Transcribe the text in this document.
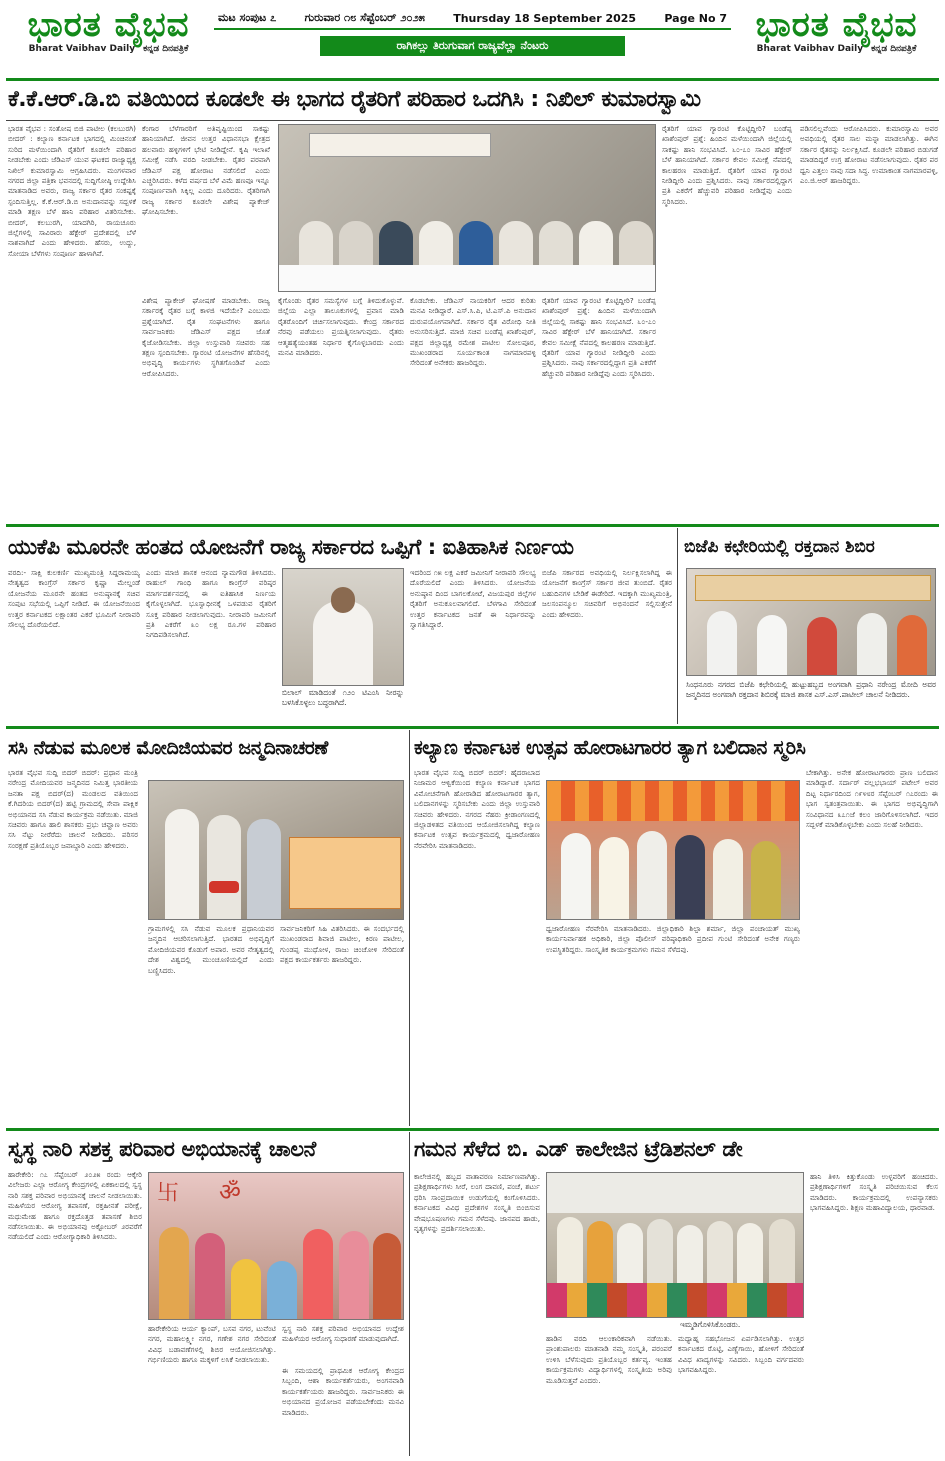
ಭಾರತ ವೈಭವ
Bharat Vaibhav Daily ಕನ್ನಡ ದಿನಪತ್ರಿಕೆ
ಭಾರತ ವೈಭವ
Bharat Vaibhav Daily ಕನ್ನಡ ದಿನಪತ್ರಿಕೆ
ಮಟ ಸಂಪುಟ ೭	ಗುರುವಾರ ೧೮ ಸೆಪ್ಟೆಂಬರ್ ೨೦೨೫	Thursday 18 September 2025	Page No 7
ರಾಗಿಕಲ್ಲು ತಿರುಗುವಾಗ ರಾಜ್ಯವೆಲ್ಲಾ ನೆಂಟರು
ಕೆ.ಕೆ.ಆರ್.ಡಿ.ಬಿ ವತಿಯಿಂದ ಕೂಡಲೇ ಈ ಭಾಗದ ರೈತರಿಗೆ ಪರಿಹಾರ ಒದಗಿಸಿ : ನಿಖಿಲ್ ಕುಮಾರಸ್ವಾಮಿ
ಭಾರತ ವೈಭವ : ಸಂತೋಷ ಬಿಜಿ ಪಾಟೀಲ (ಕಲಬುರಗಿ) ಬೀದರ್ : ಕಲ್ಯಾಣ ಕರ್ನಾಟಕ ಭಾಗದಲ್ಲಿ ಮಿಂಚಿನಂತೆ ಸುರಿದ ಮಳೆಯಿಂದಾಗಿ ರೈತರಿಗೆ ಕೂಡಲೇ ಪರಿಹಾರ ನೀಡಬೇಕು ಎಂದು ಜೆಡಿಎಸ್ ಯುವ ಘಟಕದ ರಾಜ್ಯಾಧ್ಯಕ್ಷ ನಿಖಿಲ್ ಕುಮಾರಸ್ವಾಮಿ ಆಗ್ರಹಿಸಿದರು. ಮಂಗಳವಾರ ನಗರದ ಜಿಲ್ಲಾ ಪತ್ರಿಕಾ ಭವನದಲ್ಲಿ ಸುದ್ದಿಗೋಷ್ಠಿ ಉದ್ದೇಶಿಸಿ ಮಾತನಾಡಿದ ಅವರು, ರಾಜ್ಯ ಸರ್ಕಾರ ರೈತರ ಸಂಕಷ್ಟಕ್ಕೆ ಸ್ಪಂದಿಸುತ್ತಿಲ್ಲ. ಕೆ.ಕೆ.ಆರ್.ಡಿ.ಬಿ ಅನುದಾನವನ್ನು ಸದ್ಬಳಕೆ ಮಾಡಿ ತಕ್ಷಣ ಬೆಳೆ ಹಾನಿ ಪರಿಹಾರ ವಿತರಿಸಬೇಕು. ಬೀದರ್, ಕಲಬುರಗಿ, ಯಾದಗಿರಿ, ರಾಯಚೂರು ಜಿಲ್ಲೆಗಳಲ್ಲಿ ಸಾವಿರಾರು ಹೆಕ್ಟೇರ್ ಪ್ರದೇಶದಲ್ಲಿ ಬೆಳೆ ನಾಶವಾಗಿದೆ ಎಂದು ಹೇಳಿದರು. ಹೆಸರು, ಉದ್ದು, ಸೋಯಾ ಬೆಳೆಗಳು ಸಂಪೂರ್ಣ ಹಾಳಾಗಿವೆ.
ಕೆಂಗಾರ ಬೆಳೆಗಾರರಿಗೆ ಅತಿವೃಷ್ಟಿಯಿಂದ ಸಾಕಷ್ಟು ಹಾನಿಯಾಗಿದೆ. ಜೀವನ ಉತ್ತರ ವಿಧಾನಸಭಾ ಕ್ಷೇತ್ರದ ಹಲವಾರು ಹಳ್ಳಿಗಳಿಗೆ ಭೇಟಿ ನೀಡಿದ್ದೇನೆ. ಕೃಷಿ ಇಲಾಖೆ ಸಮೀಕ್ಷೆ ನಡೆಸಿ ವರದಿ ನೀಡಬೇಕು. ರೈತರ ಪರವಾಗಿ ಜೆಡಿಎಸ್ ಪಕ್ಷ ಹೋರಾಟ ನಡೆಸಲಿದೆ ಎಂದು ಎಚ್ಚರಿಸಿದರು. ಕಳೆದ ವರ್ಷದ ಬೆಳೆ ವಿಮೆ ಹಣವೂ ಇನ್ನೂ ಸಂಪೂರ್ಣವಾಗಿ ಸಿಕ್ಕಿಲ್ಲ ಎಂದು ದೂರಿದರು. ರೈತರಿಗಾಗಿ ರಾಜ್ಯ ಸರ್ಕಾರ ಕೂಡಲೇ ವಿಶೇಷ ಪ್ಯಾಕೇಜ್ ಘೋಷಿಸಬೇಕು.
ವಿಶೇಷ ಪ್ಯಾಕೇಜ್ ಘೋಷಣೆ ಮಾಡಬೇಕು. ರಾಜ್ಯ ಸರ್ಕಾರಕ್ಕೆ ರೈತರ ಬಗ್ಗೆ ಕಾಳಜಿ ಇದೆಯೇ? ಎಂಬುದು ಪ್ರಶ್ನೆಯಾಗಿದೆ. ರೈತ ಸಂಘಟನೆಗಳು ಹಾಗೂ ಸಾರ್ವಜನಿಕರು ಜೆಡಿಎಸ್ ಪಕ್ಷದ ಜೊತೆ ಕೈಜೋಡಿಸಬೇಕು. ಜಿಲ್ಲಾ ಉಸ್ತುವಾರಿ ಸಚಿವರು ಸಹ ತಕ್ಷಣ ಸ್ಪಂದಿಸಬೇಕು. ಗ್ಯಾರಂಟಿ ಯೋಜನೆಗಳ ಹೆಸರಿನಲ್ಲಿ ಅಭಿವೃದ್ಧಿ ಕಾರ್ಯಗಳು ಸ್ಥಗಿತಗೊಂಡಿವೆ ಎಂದು ಆರೋಪಿಸಿದರು.
ಕೈಗೊಂಡು ರೈತರ ಸಮಸ್ಯೆಗಳ ಬಗ್ಗೆ ತಿಳಿದುಕೊಳ್ಳುವೆ. ಜಿಲ್ಲೆಯ ಎಲ್ಲಾ ತಾಲೂಕುಗಳಲ್ಲಿ ಪ್ರವಾಸ ಮಾಡಿ ರೈತರೊಂದಿಗೆ ಚರ್ಚಿಸಲಾಗುವುದು. ಕೇಂದ್ರ ಸರ್ಕಾರದ ನೆರವು ಪಡೆಯಲು ಪ್ರಯತ್ನಿಸಲಾಗುವುದು. ರೈತರು ಆತ್ಮಹತ್ಯೆಯಂತಹ ನಿರ್ಧಾರ ಕೈಗೊಳ್ಳಬಾರದು ಎಂದು ಮನವಿ ಮಾಡಿದರು.
ಕೊಡಬೇಕು. ಜೆಡಿಎಸ್ ನಾಯಕರಿಗೆ ಆದರ ಕುರಿತು ಮನವಿ ನೀಡಿದ್ದಾರೆ. ಎಸ್.ಸಿ.ಪಿ, ಟಿ.ಎಸ್.ಪಿ ಅನುದಾನ ದುರುಪಯೋಗವಾಗಿದೆ. ಸರ್ಕಾರ ರೈತ ವಿರೋಧಿ ನೀತಿ ಅನುಸರಿಸುತ್ತಿದೆ. ಮಾಜಿ ಸಚಿವ ಬಂಡೆಪ್ಪ ಖಾಶೆಂಪುರ್, ಪಕ್ಷದ ಜಿಲ್ಲಾಧ್ಯಕ್ಷ ರಮೇಶ ಪಾಟೀಲ ಸೋಲಪೂರ, ಮುಖಂಡರಾದ ಸೂರ್ಯಕಾಂತ ನಾಗಮಾರಪಳ್ಳಿ ಸೇರಿದಂತೆ ಅನೇಕರು ಹಾಜರಿದ್ದರು.
ರೈತರಿಗೆ ಯಾವ ಗ್ಯಾರಂಟಿ ಕೊಟ್ಟಿದ್ದೀರಿ? ಬಂಡೆಪ್ಪ ಖಾಶೆಂಪುರ್ ಪ್ರಶ್ನೆ: ಹಿಂದಿನ ಮಳೆಯಿಂದಾಗಿ ಜಿಲ್ಲೆಯಲ್ಲಿ ಸಾಕಷ್ಟು ಹಾನಿ ಸಂಭವಿಸಿದೆ. ೬೦-೭೦ ಸಾವಿರ ಹೆಕ್ಟೇರ್ ಬೆಳೆ ಹಾನಿಯಾಗಿದೆ. ಸರ್ಕಾರ ಕೇವಲ ಸಮೀಕ್ಷೆ ನೆಪದಲ್ಲಿ ಕಾಲಹರಣ ಮಾಡುತ್ತಿದೆ. ರೈತರಿಗೆ ಯಾವ ಗ್ಯಾರಂಟಿ ನೀಡಿದ್ದೀರಿ ಎಂದು ಪ್ರಶ್ನಿಸಿದರು. ನಾವು ಸರ್ಕಾರದಲ್ಲಿದ್ದಾಗ ಪ್ರತಿ ಎಕರೆಗೆ ಹೆಚ್ಚುವರಿ ಪರಿಹಾರ ನೀಡಿದ್ದೆವು ಎಂದು ಸ್ಮರಿಸಿದರು.
ರೈತರಿಗೆ ಯಾವ ಗ್ಯಾರಂಟಿ ಕೊಟ್ಟಿದ್ದೀರಿ? ಬಂಡೆಪ್ಪ ಖಾಶೆಂಪುರ್ ಪ್ರಶ್ನೆ: ಹಿಂದಿನ ಮಳೆಯಿಂದಾಗಿ ಜಿಲ್ಲೆಯಲ್ಲಿ ಸಾಕಷ್ಟು ಹಾನಿ ಸಂಭವಿಸಿದೆ. ೬೦-೭೦ ಸಾವಿರ ಹೆಕ್ಟೇರ್ ಬೆಳೆ ಹಾನಿಯಾಗಿದೆ. ಸರ್ಕಾರ ಕೇವಲ ಸಮೀಕ್ಷೆ ನೆಪದಲ್ಲಿ ಕಾಲಹರಣ ಮಾಡುತ್ತಿದೆ. ರೈತರಿಗೆ ಯಾವ ಗ್ಯಾರಂಟಿ ನೀಡಿದ್ದೀರಿ ಎಂದು ಪ್ರಶ್ನಿಸಿದರು. ನಾವು ಸರ್ಕಾರದಲ್ಲಿದ್ದಾಗ ಪ್ರತಿ ಎಕರೆಗೆ ಹೆಚ್ಚುವರಿ ಪರಿಹಾರ ನೀಡಿದ್ದೆವು ಎಂದು ಸ್ಮರಿಸಿದರು.
ಪಡಿಸಲಿಲ್ಲವೆಂದು ಆರೋಪಿಸಿದರು. ಕುಮಾರಸ್ವಾಮಿ ಅವರ ಅವಧಿಯಲ್ಲಿ ರೈತರ ಸಾಲ ಮನ್ನಾ ಮಾಡಲಾಗಿತ್ತು. ಈಗಿನ ಸರ್ಕಾರ ರೈತರನ್ನು ನಿರ್ಲಕ್ಷಿಸಿದೆ. ಕೂಡಲೇ ಪರಿಹಾರ ಬಿಡುಗಡೆ ಮಾಡದಿದ್ದರೆ ಉಗ್ರ ಹೋರಾಟ ನಡೆಸಲಾಗುವುದು. ರೈತರ ಪರ ಧ್ವನಿ ಎತ್ತಲು ನಾವು ಸದಾ ಸಿದ್ಧ. ಉಮಾಕಾಂತ ನಾಗಮಾರಪಳ್ಳಿ, ಎಂ.ಜಿ.ಆರ್ ಹಾಜರಿದ್ದರು.
ಯುಕೆಪಿ ಮೂರನೇ ಹಂತದ ಯೋಜನೆಗೆ ರಾಜ್ಯ ಸರ್ಕಾರದ ಒಪ್ಪಿಗೆ : ಐತಿಹಾಸಿಕ ನಿರ್ಣಯ
ವರದಿ:- ಸಾಕ್ಷಿ ಕುಲಕರ್ಣಿ ಮುಖ್ಯಮಂತ್ರಿ ಸಿದ್ದರಾಮಯ್ಯ ನೇತೃತ್ವದ ಕಾಂಗ್ರೆಸ್ ಸರ್ಕಾರ ಕೃಷ್ಣಾ ಮೇಲ್ದಂಡೆ ಯೋಜನೆಯ ಮೂರನೇ ಹಂತದ ಅನುಷ್ಠಾನಕ್ಕೆ ಸಚಿವ ಸಂಪುಟ ಸಭೆಯಲ್ಲಿ ಒಪ್ಪಿಗೆ ನೀಡಿದೆ. ಈ ಯೋಜನೆಯಿಂದ ಉತ್ತರ ಕರ್ನಾಟಕದ ಲಕ್ಷಾಂತರ ಎಕರೆ ಭೂಮಿಗೆ ನೀರಾವರಿ ಸೌಲಭ್ಯ ದೊರೆಯಲಿದೆ.
ಎಂದು ಮಾಜಿ ಶಾಸಕ ಆನಂದ ನ್ಯಾಮಗೌಡ ತಿಳಿಸಿದರು. ರಾಹುಲ್ ಗಾಂಧಿ ಹಾಗೂ ಕಾಂಗ್ರೆಸ್ ವರಿಷ್ಠರ ಮಾರ್ಗದರ್ಶನದಲ್ಲಿ ಈ ಐತಿಹಾಸಿಕ ನಿರ್ಣಯ ಕೈಗೊಳ್ಳಲಾಗಿದೆ. ಭೂಸ್ವಾಧೀನಕ್ಕೆ ಒಳಪಡುವ ರೈತರಿಗೆ ಸೂಕ್ತ ಪರಿಹಾರ ನೀಡಲಾಗುವುದು. ನೀರಾವರಿ ಜಮೀನಿಗೆ ಪ್ರತಿ ಎಕರೆಗೆ ೩೦ ಲಕ್ಷ ರೂ.ಗಳ ಪರಿಹಾರ ನಿಗದಿಪಡಿಸಲಾಗಿದೆ.
ಬಿಲಾಲ್ ಮಾಡಿದಂತೆ ೧೨೦ ಟಿಎಂಸಿ ನೀರನ್ನು ಬಳಸಿಕೊಳ್ಳಲು ಬದ್ಧರಾಗಿದೆ.
ಇದರಿಂದ ೧೫ ಲಕ್ಷ ಎಕರೆ ಜಮೀನಿಗೆ ನೀರಾವರಿ ಸೌಲಭ್ಯ ದೊರೆಯಲಿದೆ ಎಂದು ತಿಳಿಸಿದರು. ಯೋಜನೆಯ ಅನುಷ್ಠಾನ ದಿಂದ ಬಾಗಲಕೋಟೆ, ವಿಜಯಪುರ ಜಿಲ್ಲೆಗಳ ರೈತರಿಗೆ ಅನುಕೂಲವಾಗಲಿದೆ. ಬೆಳಗಾವಿ ಸೇರಿದಂತೆ ಉತ್ತರ ಕರ್ನಾಟಕದ ಜನತೆ ಈ ನಿರ್ಧಾರವನ್ನು ಸ್ವಾಗತಿಸಿದ್ದಾರೆ.
ಬಿಜೆಪಿ ಸರ್ಕಾರದ ಅವಧಿಯಲ್ಲಿ ನಿರ್ಲಕ್ಷಿಸಲಾಗಿದ್ದ ಈ ಯೋಜನೆಗೆ ಕಾಂಗ್ರೆಸ್ ಸರ್ಕಾರ ಜೀವ ತುಂಬಿದೆ. ರೈತರ ಬಹುದಿನಗಳ ಬೇಡಿಕೆ ಈಡೇರಿದೆ. ಇದಕ್ಕಾಗಿ ಮುಖ್ಯಮಂತ್ರಿ, ಜಲಸಂಪನ್ಮೂಲ ಸಚಿವರಿಗೆ ಅಭಿನಂದನೆ ಸಲ್ಲಿಸುತ್ತೇನೆ ಎಂದು ಹೇಳಿದರು.
ಬಿಜೆಪಿ ಕಛೇರಿಯಲ್ಲಿ ರಕ್ತದಾನ ಶಿಬಿರ
ಸಿಂಧನೂರು ನಗರದ ಬಿಜೆಪಿ ಕಛೇರಿಯಲ್ಲಿ ಹುಟ್ಟುಹಬ್ಬದ ಅಂಗವಾಗಿ ಪ್ರಧಾನಿ ನರೇಂದ್ರ ಮೋದಿ ಅವರ ಜನ್ಮದಿನದ ಅಂಗವಾಗಿ ರಕ್ತದಾನ ಶಿಬಿರಕ್ಕೆ ಮಾಜಿ ಶಾಸಕ ಎಸ್.ಎಸ್.ಪಾಟೀಲ್ ಚಾಲನೆ ನೀಡಿದರು.
ಸಸಿ ನೆಡುವ ಮೂಲಕ ಮೋದಿಜಿಯವರ ಜನ್ಮದಿನಾಚರಣೆ
ಭಾರತ ವೈಭವ ಸುದ್ದಿ ಬಿದರ್ ಬಿದರ್: ಪ್ರಧಾನ ಮಂತ್ರಿ ನರೇಂದ್ರ ಮೋದಿಯವರ ಜನ್ಮದಿನದ ನಿಮಿತ್ತ ಭಾರತೀಯ ಜನತಾ ಪಕ್ಷ ಬಿದರ್(ದ) ಮಂಡಲದ ವತಿಯಿಂದ ಕೆ.ಗಿದರಿಯ ಬಿದರ್(ದ) ಹಟ್ಟಿ ಗ್ರಾಮದಲ್ಲಿ ಸೇವಾ ಪಾಕ್ಷಿಕ ಅಭಿಯಾನದ ಸಸಿ ನೆಡುವ ಕಾರ್ಯಕ್ರಮ ನಡೆಯಿತು. ಮಾಜಿ ಸಚಿವರು ಹಾಗೂ ಹಾಲಿ ಶಾಸಕರು ಪ್ರಭು ಚವ್ಹಾಣ ಅವರು ಸಸಿ ನೆಟ್ಟು ನೀರೆರೆದು ಚಾಲನೆ ನೀಡಿದರು. ಪರಿಸರ ಸಂರಕ್ಷಣೆ ಪ್ರತಿಯೊಬ್ಬರ ಜವಾಬ್ದಾರಿ ಎಂದು ಹೇಳಿದರು.
ಗ್ರಾಮಗಳಲ್ಲಿ ಸಸಿ ನೆಡುವ ಮೂಲಕ ಪ್ರಧಾನಿಯವರ ಜನ್ಮದಿನ ಆಚರಿಸಲಾಗುತ್ತಿದೆ. ಭಾರತದ ಅಭಿವೃದ್ಧಿಗೆ ಮೋದಿಜಿಯವರ ಕೊಡುಗೆ ಅಪಾರ. ಅವರ ನೇತೃತ್ವದಲ್ಲಿ ದೇಶ ವಿಶ್ವದಲ್ಲಿ ಮುಂಚೂಣಿಯಲ್ಲಿದೆ ಎಂದು ಬಣ್ಣಿಸಿದರು.
ಸಾರ್ವಜನಿಕರಿಗೆ ಸಿಹಿ ವಿತರಿಸಿದರು. ಈ ಸಂದರ್ಭದಲ್ಲಿ ಮುಖಂಡರಾದ ಶಿವಾಜಿ ಪಾಟೀಲ, ಕಿರಣ ಪಾಟೀಲ, ಗುಂಡಪ್ಪ ಮುಧೋಳ, ರಾಜು ಚಿಂಚೋಳಿ ಸೇರಿದಂತೆ ಪಕ್ಷದ ಕಾರ್ಯಕರ್ತರು ಹಾಜರಿದ್ದರು.
ಕಲ್ಯಾಣ ಕರ್ನಾಟಕ ಉತ್ಸವ ಹೋರಾಟಗಾರರ ತ್ಯಾಗ ಬಲಿದಾನ ಸ್ಮರಿಸಿ
ಭಾರತ ವೈಭವ ಸುದ್ದಿ ಬಿದರ್ ಬಿದರ್: ಹೈದರಾಬಾದ ನಿಜಾಮರ ಆಳ್ವಿಕೆಯಿಂದ ಕಲ್ಯಾಣ ಕರ್ನಾಟಕ ಭಾಗದ ವಿಮೋಚನೆಗಾಗಿ ಹೋರಾಡಿದ ಹೋರಾಟಗಾರರ ತ್ಯಾಗ, ಬಲಿದಾನಗಳನ್ನು ಸ್ಮರಿಸಬೇಕು ಎಂದು ಜಿಲ್ಲಾ ಉಸ್ತುವಾರಿ ಸಚಿವರು ಹೇಳಿದರು. ನಗರದ ನೆಹರು ಕ್ರೀಡಾಂಗಣದಲ್ಲಿ ಜಿಲ್ಲಾಡಳಿತದ ವತಿಯಿಂದ ಆಯೋಜಿಸಲಾಗಿದ್ದ ಕಲ್ಯಾಣ ಕರ್ನಾಟಕ ಉತ್ಸವ ಕಾರ್ಯಕ್ರಮದಲ್ಲಿ ಧ್ವಜಾರೋಹಣ ನೆರವೇರಿಸಿ ಮಾತನಾಡಿದರು.
ಧ್ವಜಾರೋಹಣ ನೆರವೇರಿಸಿ ಮಾತನಾಡಿದರು. ಜಿಲ್ಲಾಧಿಕಾರಿ ಶಿಲ್ಪಾ ಶರ್ಮಾ, ಜಿಲ್ಲಾ ಪಂಚಾಯತ್ ಮುಖ್ಯ ಕಾರ್ಯನಿರ್ವಾಹಕ ಅಧಿಕಾರಿ, ಜಿಲ್ಲಾ ಪೊಲೀಸ್ ವರಿಷ್ಠಾಧಿಕಾರಿ ಪ್ರದೀಪ ಗುಂಟಿ ಸೇರಿದಂತೆ ಅನೇಕ ಗಣ್ಯರು ಉಪಸ್ಥಿತರಿದ್ದರು. ಸಾಂಸ್ಕೃತಿಕ ಕಾರ್ಯಕ್ರಮಗಳು ಗಮನ ಸೆಳೆದವು.
ಬೇಕಾಗಿತ್ತು. ಅನೇಕ ಹೋರಾಟಗಾರರು ಪ್ರಾಣ ಬಲಿದಾನ ಮಾಡಿದ್ದಾರೆ. ಸರ್ದಾರ್ ವಲ್ಲಭಭಾಯ್ ಪಟೇಲ್ ಅವರ ದಿಟ್ಟ ನಿರ್ಧಾರದಿಂದ ೧೯೪೮ರ ಸೆಪ್ಟೆಂಬರ್ ೧೭ರಂದು ಈ ಭಾಗ ಸ್ವತಂತ್ರವಾಯಿತು. ಈ ಭಾಗದ ಅಭಿವೃದ್ಧಿಗಾಗಿ ಸಂವಿಧಾನದ ೩೭೧ಜೆ ಕಲಂ ಜಾರಿಗೊಳಿಸಲಾಗಿದೆ. ಇದರ ಸದ್ಬಳಕೆ ಮಾಡಿಕೊಳ್ಳಬೇಕು ಎಂದು ಸಲಹೆ ನೀಡಿದರು.
ಸ್ವಸ್ಥ ನಾರಿ ಸಶಕ್ತ ಪರಿವಾರ ಅಭಿಯಾನಕ್ಕೆ ಚಾಲನೆ
ಹಾರೇಕೇರಿ: ೧೭ ಸೆಪ್ಟೆಂಬರ್ ೨೦೨೫ ರಂದು ಆಕ್ಕೇರಿ ವಿಲೇಜರು ಎಲ್ಲಾ ಆರೋಗ್ಯ ಕೇಂದ್ರಗಳಲ್ಲಿ ಏಕಕಾಲದಲ್ಲಿ ಸ್ವಸ್ಥ ನಾರಿ ಸಶಕ್ತ ಪರಿವಾರ ಅಭಿಯಾನಕ್ಕೆ ಚಾಲನೆ ನೀಡಲಾಯಿತು. ಮಹಿಳೆಯರ ಆರೋಗ್ಯ ತಪಾಸಣೆ, ರಕ್ತಹೀನತೆ ಪರೀಕ್ಷೆ, ಮಧುಮೇಹ ಹಾಗೂ ರಕ್ತದೊತ್ತಡ ತಪಾಸಣೆ ಶಿಬಿರ ನಡೆಸಲಾಯಿತು. ಈ ಅಭಿಯಾನವು ಅಕ್ಟೋಬರ್ ೨ರವರೆಗೆ ನಡೆಯಲಿದೆ ಎಂದು ಆರೋಗ್ಯಾಧಿಕಾರಿ ತಿಳಿಸಿದರು.
卐 ॐ
ಹಾರೇಕೇರಿಯ ಆರ್ಯ ಕ್ಯಾಂಪ್, ಬಸವ ನಗರ, ಟುವೆಂಟಿ ನಗರ, ಮಹಾಲಕ್ಷ್ಮೀ ನಗರ, ಗಣೇಶ ನಗರ ಸೇರಿದಂತೆ ವಿವಿಧ ಬಡಾವಣೆಗಳಲ್ಲಿ ಶಿಬಿರ ಆಯೋಜಿಸಲಾಗಿತ್ತು. ಗರ್ಭಿಣಿಯರು ಹಾಗೂ ಮಕ್ಕಳಿಗೆ ಲಸಿಕೆ ನೀಡಲಾಯಿತು.
ಸ್ವಸ್ಥ ನಾರಿ ಸಶಕ್ತ ಪರಿವಾರ ಅಭಿಯಾನದ ಉದ್ದೇಶ ಮಹಿಳೆಯರ ಆರೋಗ್ಯ ಸುಧಾರಣೆ ಮಾಡುವುದಾಗಿದೆ.
ಈ ಸಮಯದಲ್ಲಿ ಪ್ರಾಥಮಿಕ ಆರೋಗ್ಯ ಕೇಂದ್ರದ ಸಿಬ್ಬಂದಿ, ಆಶಾ ಕಾರ್ಯಕರ್ತೆಯರು, ಅಂಗನವಾಡಿ ಕಾರ್ಯಕರ್ತೆಯರು ಹಾಜರಿದ್ದರು. ಸಾರ್ವಜನಿಕರು ಈ ಅಭಿಯಾನದ ಪ್ರಯೋಜನ ಪಡೆಯಬೇಕೆಂದು ಮನವಿ ಮಾಡಿದರು.
ಗಮನ ಸೆಳೆದ ಬಿ. ಎಡ್ ಕಾಲೇಜಿನ ಟ್ರೆಡಿಶನಲ್ ಡೇ
ಕಾಲೇಜಿನಲ್ಲಿ ಹಬ್ಬದ ವಾತಾವರಣ ನಿರ್ಮಾಣವಾಗಿತ್ತು. ಪ್ರಶಿಕ್ಷಣಾರ್ಥಿಗಳು ಸೀರೆ, ಲಂಗ ದಾವಣಿ, ಪಂಚೆ, ಶರ್ಟು ಧರಿಸಿ ಸಾಂಪ್ರದಾಯಿಕ ಉಡುಗೆಯಲ್ಲಿ ಕಂಗೊಳಿಸಿದರು. ಕರ್ನಾಟಕದ ವಿವಿಧ ಪ್ರದೇಶಗಳ ಸಂಸ್ಕೃತಿ ಬಿಂಬಿಸುವ ವೇಷಭೂಷಣಗಳು ಗಮನ ಸೆಳೆದವು. ಜಾನಪದ ಹಾಡು, ನೃತ್ಯಗಳನ್ನು ಪ್ರದರ್ಶಿಸಲಾಯಿತು.
ಇಮ್ಮಡಿಗೊಳಿಸಿಕೊಂಡರು.
ಹಾಡಿನ ವರದಿ ಆಲಂಕಾರಿಕವಾಗಿ ನಡೆಯಿತು. ಪ್ರಾಂಶುಪಾಲರು ಮಾತನಾಡಿ ನಮ್ಮ ಸಂಸ್ಕೃತಿ, ಪರಂಪರೆ ಉಳಿಸಿ ಬೆಳೆಸುವುದು ಪ್ರತಿಯೊಬ್ಬರ ಕರ್ತವ್ಯ. ಇಂತಹ ಕಾರ್ಯಕ್ರಮಗಳು ವಿದ್ಯಾರ್ಥಿಗಳಲ್ಲಿ ಸಂಸ್ಕೃತಿಯ ಅರಿವು ಮೂಡಿಸುತ್ತವೆ ಎಂದರು.
ಮಧ್ಯಾಹ್ನ ಸಹಭೋಜನ ಏರ್ಪಡಿಸಲಾಗಿತ್ತು. ಉತ್ತರ ಕರ್ನಾಟಕದ ರೊಟ್ಟಿ, ಎಣ್ಣೆಗಾಯಿ, ಹೋಳಿಗೆ ಸೇರಿದಂತೆ ವಿವಿಧ ಖಾದ್ಯಗಳನ್ನು ಸವಿದರು. ಸಿಬ್ಬಂದಿ ವರ್ಗದವರು ಭಾಗವಹಿಸಿದ್ದರು.
ಹಾನಿ ತಿಳಿಸಿ ಕಿತ್ತುಕೊಂಡು ಉಳ್ಳವರಿಗೆ ಹಂಚಿದರು. ಪ್ರಶಿಕ್ಷಣಾರ್ಥಿಗಳಿಗೆ ಸಂಸ್ಕೃತಿ ಪರಿಚಯಿಸುವ ಕೆಲಸ ಮಾಡಿದರು. ಕಾರ್ಯಕ್ರಮದಲ್ಲಿ ಉಪನ್ಯಾಸಕರು ಭಾಗವಹಿಸಿದ್ದರು. ಶಿಕ್ಷಣ ಮಹಾವಿದ್ಯಾಲಯ, ಧಾರವಾಡ.
